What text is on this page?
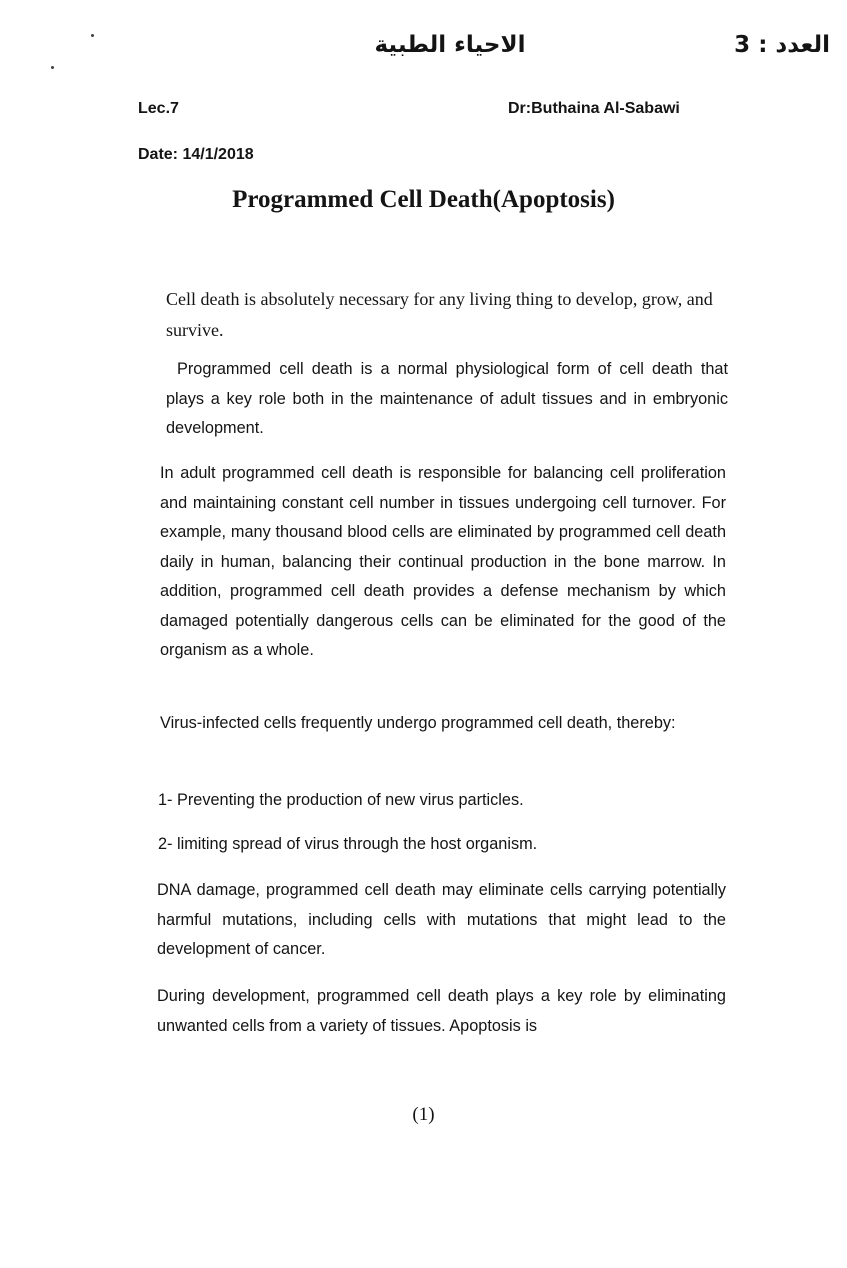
الاحياء الطبية	العدد : 3
Lec.7	Dr:Buthaina Al-Sabawi
Date: 14/1/2018
Programmed Cell Death(Apoptosis)

Cell death is absolutely necessary for any living thing to develop, grow, and survive.

Programmed cell death is a normal physiological form of cell death that plays a key role both in the maintenance of adult tissues and in embryonic development.

In adult programmed cell death is responsible for balancing cell proliferation and maintaining constant cell number in tissues undergoing cell turnover. For example, many thousand blood cells are eliminated by programmed cell death daily in human, balancing their continual production in the bone marrow. In addition, programmed cell death provides a defense mechanism by which damaged potentially dangerous cells can be eliminated for the good of the organism as a whole.

Virus-infected cells frequently undergo programmed cell death, thereby:

1- Preventing the production of new virus particles.

2- limiting spread of virus through the host organism.

DNA damage, programmed cell death may eliminate cells carrying potentially harmful mutations, including cells with mutations that might lead to the development of cancer.

During development, programmed cell death plays a key role by eliminating unwanted cells from a variety of tissues. Apoptosis is

(1)
